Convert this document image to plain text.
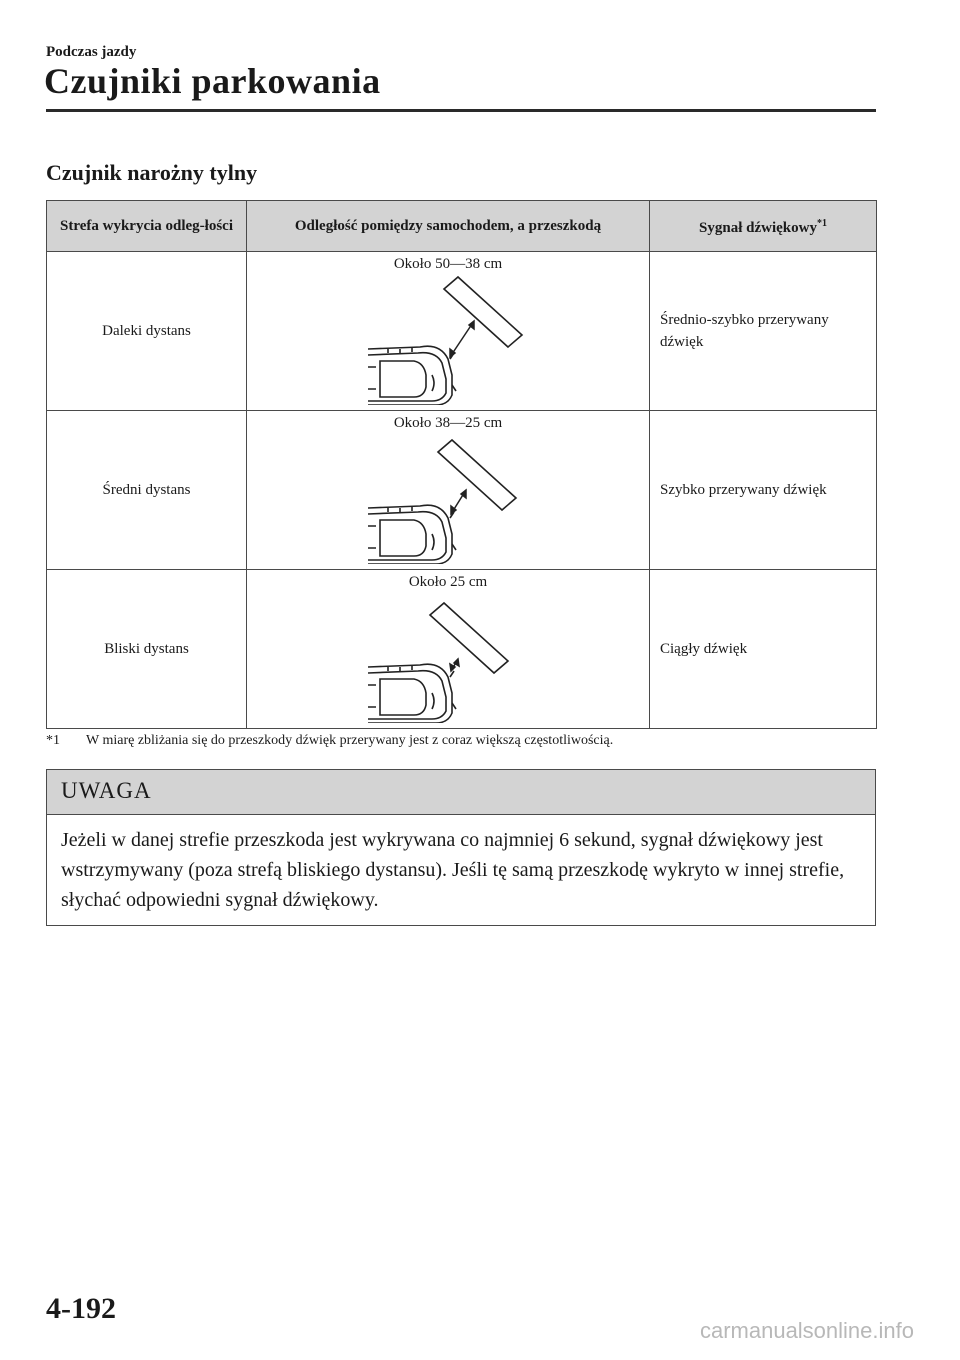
Podczas jazdy
Czujniki parkowania
Czujnik narożny tylny
Strefa wykrycia odleg-łości	Odległość pomiędzy samochodem, a przeszkodą	Sygnał dźwiękowy$^{*1}$
Daleki dystans	Około 50―38 cm	Średnio-szybko przerywany dźwięk
Średni dystans	Około 38―25 cm	Szybko przerywany dźwięk
Bliski dystans	Około 25 cm	Ciągły dźwięk
*1 W miarę zbliżania się do przeszkody dźwięk przerywany jest z coraz większą częstotliwością.
UWAGA
Jeżeli w danej strefie przeszkoda jest wykrywana co najmniej 6 sekund, sygnał dźwiękowy jest wstrzymywany (poza strefą bliskiego dystansu). Jeśli tę samą przeszkodę wykryto w innej strefie, słychać odpowiedni sygnał dźwiękowy.
4-192
carmanualsonline.info
